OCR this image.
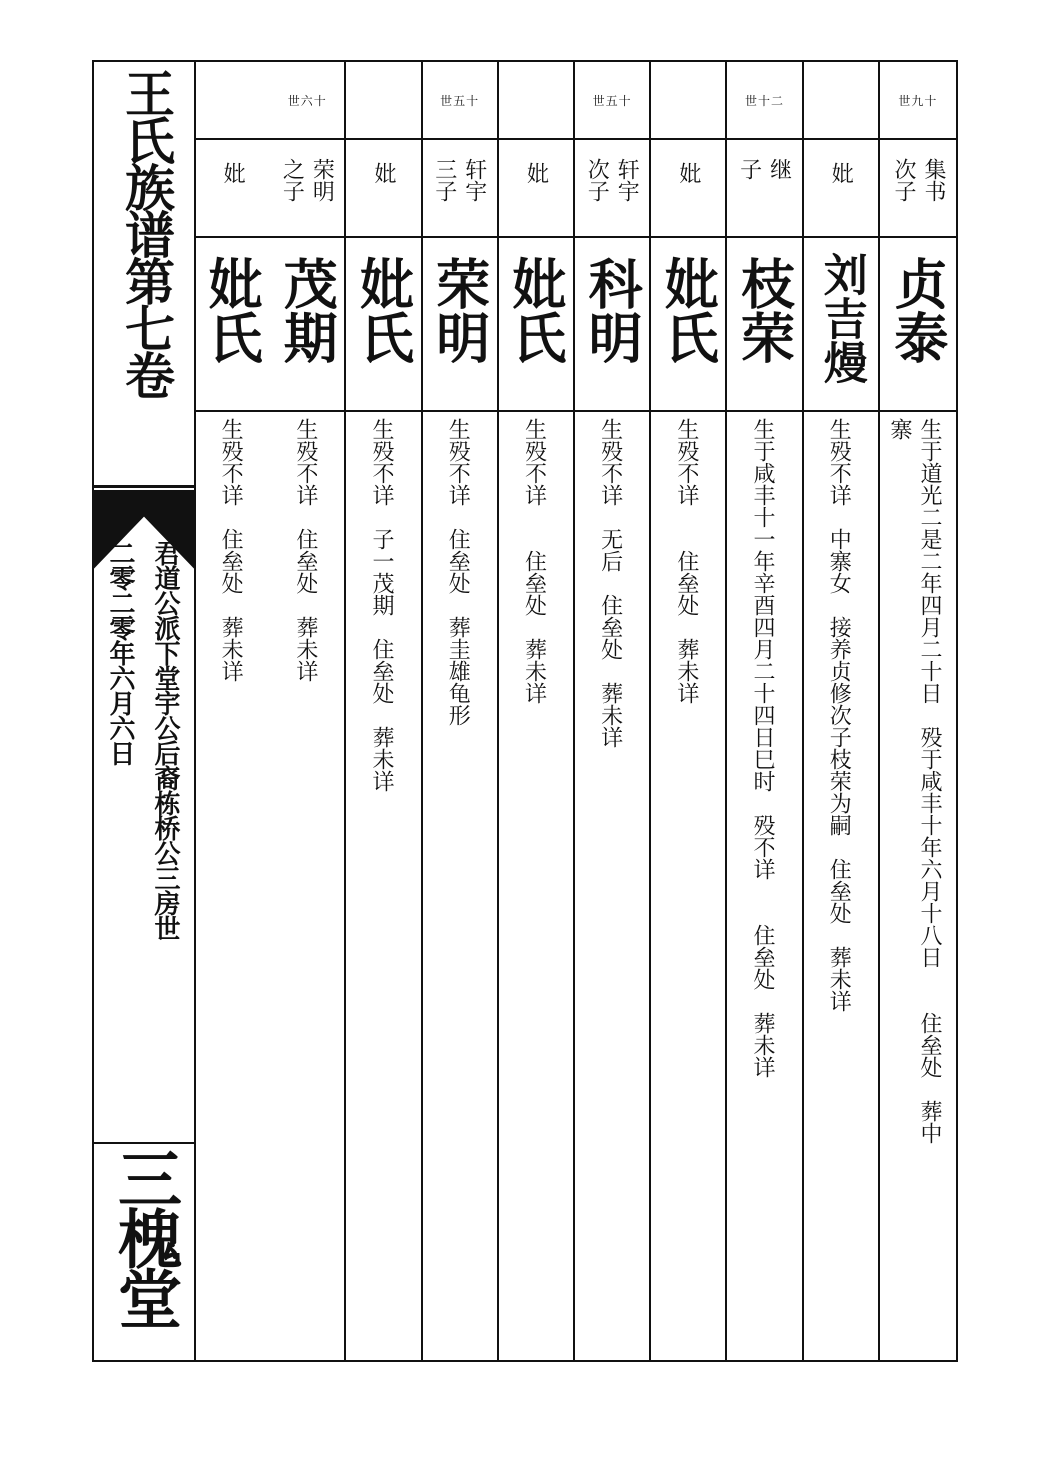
王氏族谱第七卷
君道公派下堂宇公后裔栋桥公三房世
二零二零年六月六日
三槐堂
世九十
集书
次子
贞泰
生于道光二是二年四月二十日　殁于咸丰十年六月十八日　　住垒处　葬中
寨
妣
刘吉熳
生殁不详　中寨女　接养贞修次子枝荣为嗣　住垒处　葬未详
世十二
继
子
枝荣
生于咸丰十一年辛酉四月二十四日巳时　殁不详　　住垒处　葬未详
妣
妣氏
生殁不详　　住垒处　葬未详
世五十
轩宇
次子
科明
生殁不详　无后　住垒处　葬未详
妣
妣氏
生殁不详　　住垒处　葬未详
世五十
轩宇
三子
荣明
生殁不详　住垒处　葬圭雄龟形
妣
妣氏
生殁不详　子一茂期　住垒处　葬未详
世六十
荣明
之子
茂期
生殁不详　住垒处　葬未详
妣
妣氏
生殁不详　住垒处　葬未详
